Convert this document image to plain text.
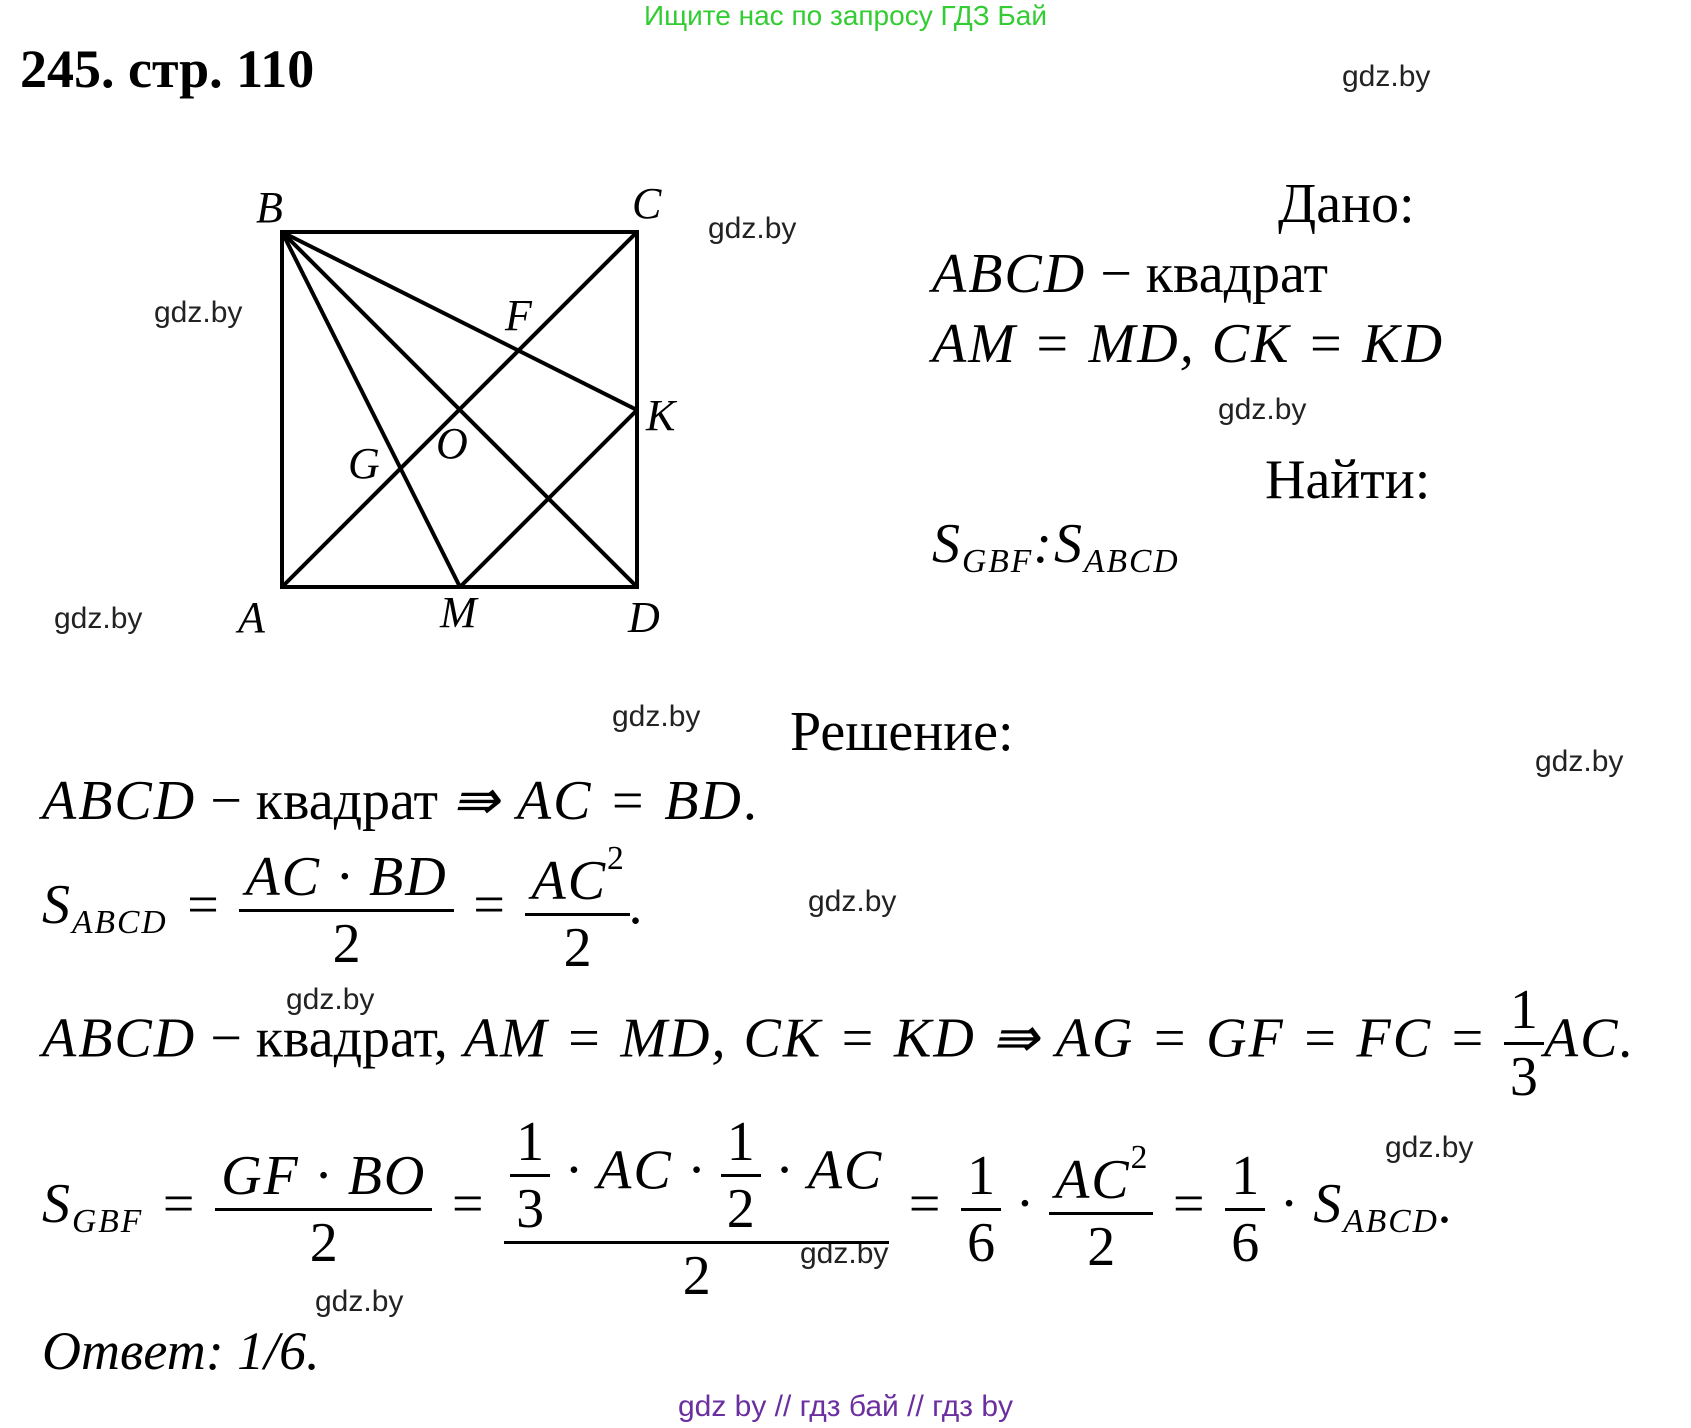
Ищите нас по запросу ГДЗ Бай
245. стр. 110	gdz.by
gdz.by
gdz.by
gdz.by
gdz.by
gdz.by
gdz.by
gdz.by
gdz.by
gdz.by
gdz.by
gdz.by
B	C
A	M	D
K
F
G O
Дано:
ABCD − квадрат
AM = MD, CK = KD
Найти:
$S_{GBF}:S_{ABCD}$
Решение:
ABCD − квадрат ⇛ AC = BD.
$S_{ABCD} = \frac{AC \cdot BD}{2} = \frac{AC^2}{2}$ .
ABCD − квадрат, AM = MD, CK = KD ⇛ AG = GF = FC = $\frac{1}{3}$ AC.
$S_{GBF} = \frac{GF \cdot BO}{2} = \frac{\frac{1}{3} \cdot AC \cdot \frac{1}{2} \cdot AC}{2} = \frac{1}{6} \cdot \frac{AC^2}{2} = \frac{1}{6} \cdot S_{ABCD}$.
Ответ: 1/6.
gdz by // гдз бай // гдз by
